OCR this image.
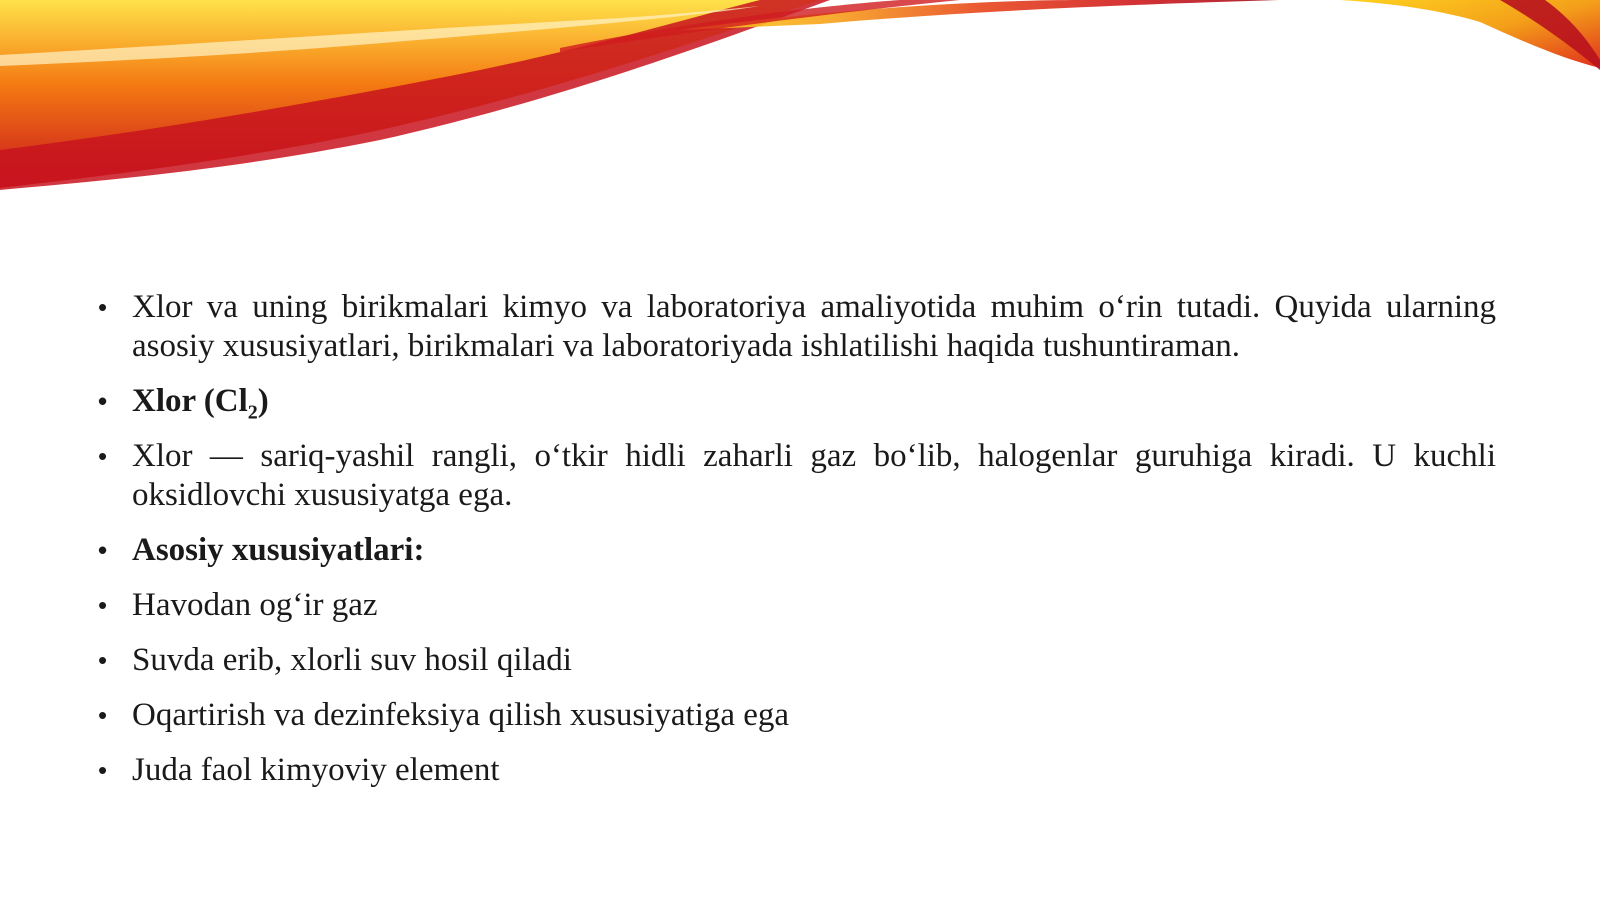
• Xlor va uning birikmalari kimyo va laboratoriya amaliyotida muhim o‘rin tutadi. Quyida ularning asosiy xususiyatlari, birikmalari va laboratoriyada ishlatilishi haqida tushuntiraman.
• Xlor $(Cl_2)$
• Xlor — sariq-yashil rangli, o‘tkir hidli zaharli gaz bo‘lib, halogenlar guruhiga kiradi. U kuchli oksidlovchi xususiyatga ega.
• Asosiy xususiyatlari:
• Havodan og‘ir gaz
• Suvda erib, xlorli suv hosil qiladi
• Oqartirish va dezinfeksiya qilish xususiyatiga ega
• Juda faol kimyoviy element
